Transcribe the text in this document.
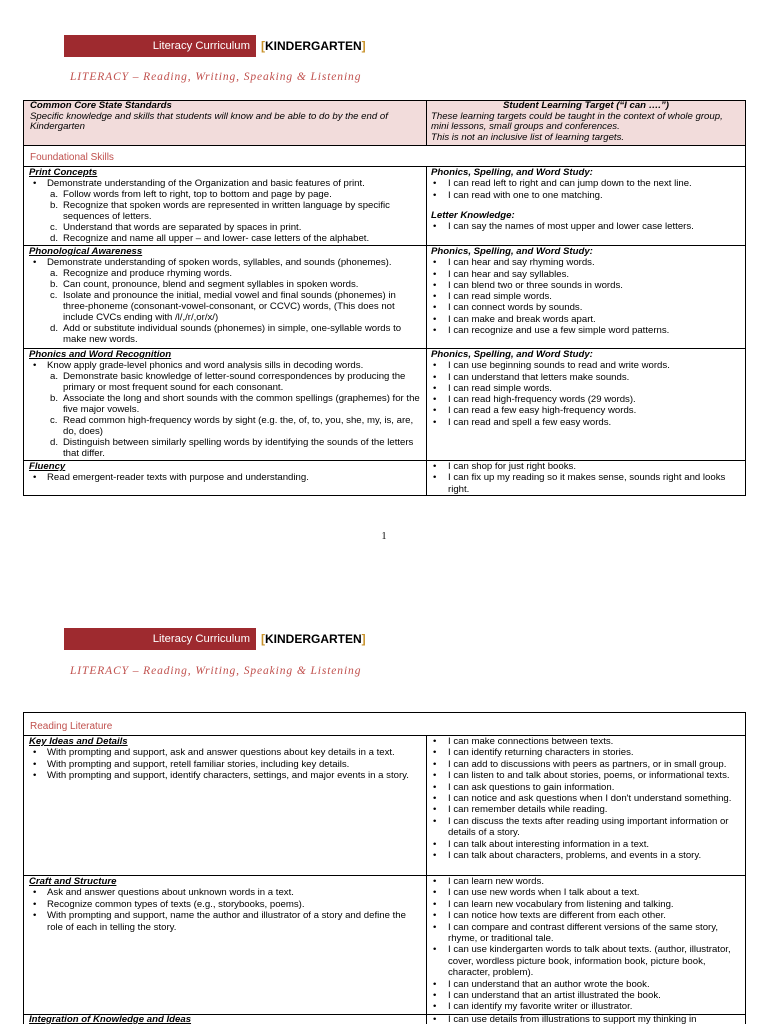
Literacy Curriculum [KINDERGARTEN]
LITERACY – Reading, Writing, Speaking & Listening
Common Core State Standards
Specific knowledge and skills that students will know and be able to do by the end of Kindergarten
Student Learning Target (“I can ….”)
These learning targets could be taught in the context of whole group, mini lessons, small groups and conferences.
This is not an inclusive list of learning targets.
Foundational Skills
Print Concepts
• Demonstrate understanding of the Organization and basic features of print.
a. Follow words from left to right, top to bottom and page by page.
b. Recognize that spoken words are represented in written language by specific sequences of letters.
c. Understand that words are separated by spaces in print.
d. Recognize and name all upper – and lower- case letters of the alphabet.
Phonics, Spelling, and Word Study:
• I can read left to right and can jump down to the next line.
• I can read with one to one matching.
Letter Knowledge:
• I can say the names of most upper and lower case letters.
Phonological Awareness
• Demonstrate understanding of spoken words, syllables, and sounds (phonemes).
a. Recognize and produce rhyming words.
b. Can count, pronounce, blend and segment syllables in spoken words.
c. Isolate and pronounce the initial, medial vowel and final sounds (phonemes) in three-phoneme (consonant-vowel-consonant, or CCVC) words, (This does not include CVCs ending with /l/,/r/,or/x/)
d. Add or substitute individual sounds (phonemes) in simple, one-syllable words to make new words.
Phonics, Spelling, and Word Study:
• I can hear and say rhyming words.
• I can hear and say syllables.
• I can blend two or three sounds in words.
• I can read simple words.
• I can connect words by sounds.
• I can make and break words apart.
• I can recognize and use a few simple word patterns.
Phonics and Word Recognition
• Know apply grade-level phonics and word analysis sills in decoding words.
a. Demonstrate basic knowledge of letter-sound correspondences by producing the primary or most frequent sound for each consonant.
b. Associate the long and short sounds with the common spellings (graphemes) for the five major vowels.
c. Read common high-frequency words by sight (e.g. the, of, to, you, she, my, is, are, do, does)
d. Distinguish between similarly spelling words by identifying the sounds of the letters that differ.
Phonics, Spelling, and Word Study:
• I can use beginning sounds to read and write words.
• I can understand that letters make sounds.
• I can read simple words.
• I can read high-frequency words (29 words).
• I can read a few easy high-frequency words.
• I can read and spell a few easy words.
Fluency
• Read emergent-reader texts with purpose and understanding.
• I can shop for just right books.
• I can fix up my reading so it makes sense, sounds right and looks right.
1
Literacy Curriculum [KINDERGARTEN]
LITERACY – Reading, Writing, Speaking & Listening
Reading Literature
Key Ideas and Details
• With prompting and support, ask and answer questions about key details in a text.
• With prompting and support, retell familiar stories, including key details.
• With prompting and support, identify characters, settings, and major events in a story.
• I can make connections between texts.
• I can identify returning characters in stories.
• I can add to discussions with peers as partners, or in small group.
• I can listen to and talk about stories, poems, or informational texts.
• I can ask questions to gain information.
• I can notice and ask questions when I don't understand something.
• I can remember details while reading.
• I can discuss the texts after reading using important information or details of a story.
• I can talk about interesting information in a text.
• I can talk about characters, problems, and events in a story.
Craft and Structure
• Ask and answer questions about unknown words in a text.
• Recognize common types of texts (e.g., storybooks, poems).
• With prompting and support, name the author and illustrator of a story and define the role of each in telling the story.
• I can learn new words.
• I can use new words when I talk about a text.
• I can learn new vocabulary from listening and talking.
• I can notice how texts are different from each other.
• I can compare and contrast different versions of the same story, rhyme, or traditional tale.
• I can use kindergarten words to talk about texts. (author, illustrator, cover, wordless picture book, information book, picture book, character, problem).
• I can understand that an author wrote the book.
• I can understand that an artist illustrated the book.
• I can identify my favorite writer or illustrator.
Integration of Knowledge and Ideas
•	I can use details from illustrations to support my thinking in
